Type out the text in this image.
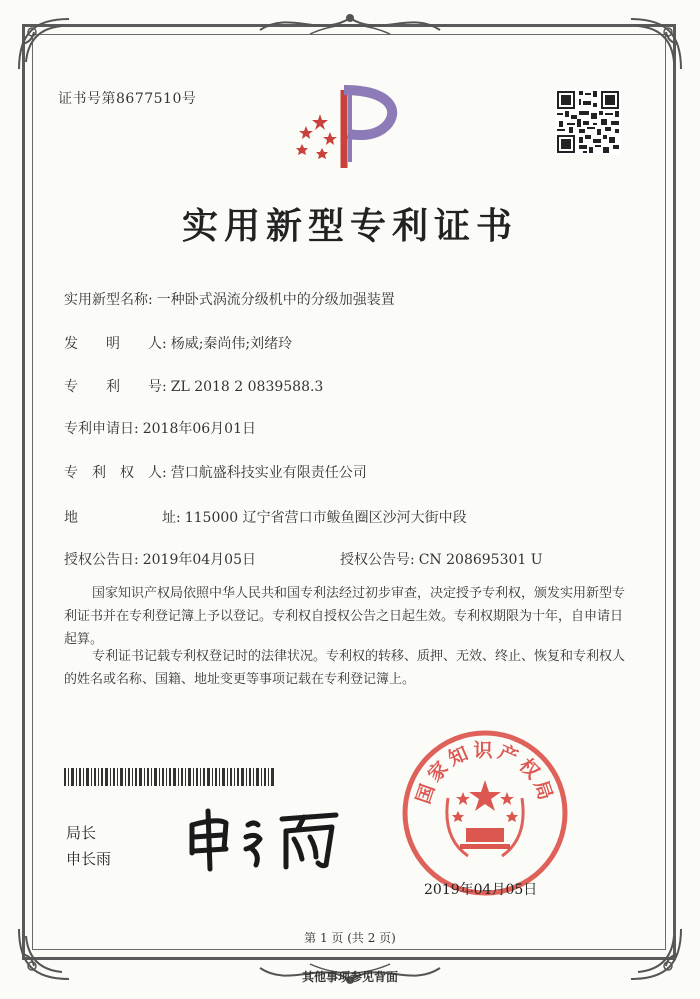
证书号第8677510号
实用新型专利证书
实用新型名称: 一种卧式涡流分级机中的分级加强装置
发　　明　　人: 杨威;秦尚伟;刘绪玲
专　　利　　号: ZL 2018 2 0839588.3
专利申请日: 2018年06月01日
专　利　权　人: 营口航盛科技实业有限责任公司
地　　　　　　址: 115000 辽宁省营口市鲅鱼圈区沙河大街中段
授权公告日: 2019年04月05日	授权公告号: CN 208695301 U
国家知识产权局依照中华人民共和国专利法经过初步审查，决定授予专利权，颁发实用新型专利证书并在专利登记簿上予以登记。专利权自授权公告之日起生效。专利权期限为十年，自申请日起算。
专利证书记载专利权登记时的法律状况。专利权的转移、质押、无效、终止、恢复和专利权人的姓名或名称、国籍、地址变更等事项记载在专利登记簿上。
局长
申长雨
国家知识产权局
2019年04月05日
第 1 页 (共 2 页)
其他事项参见背面
